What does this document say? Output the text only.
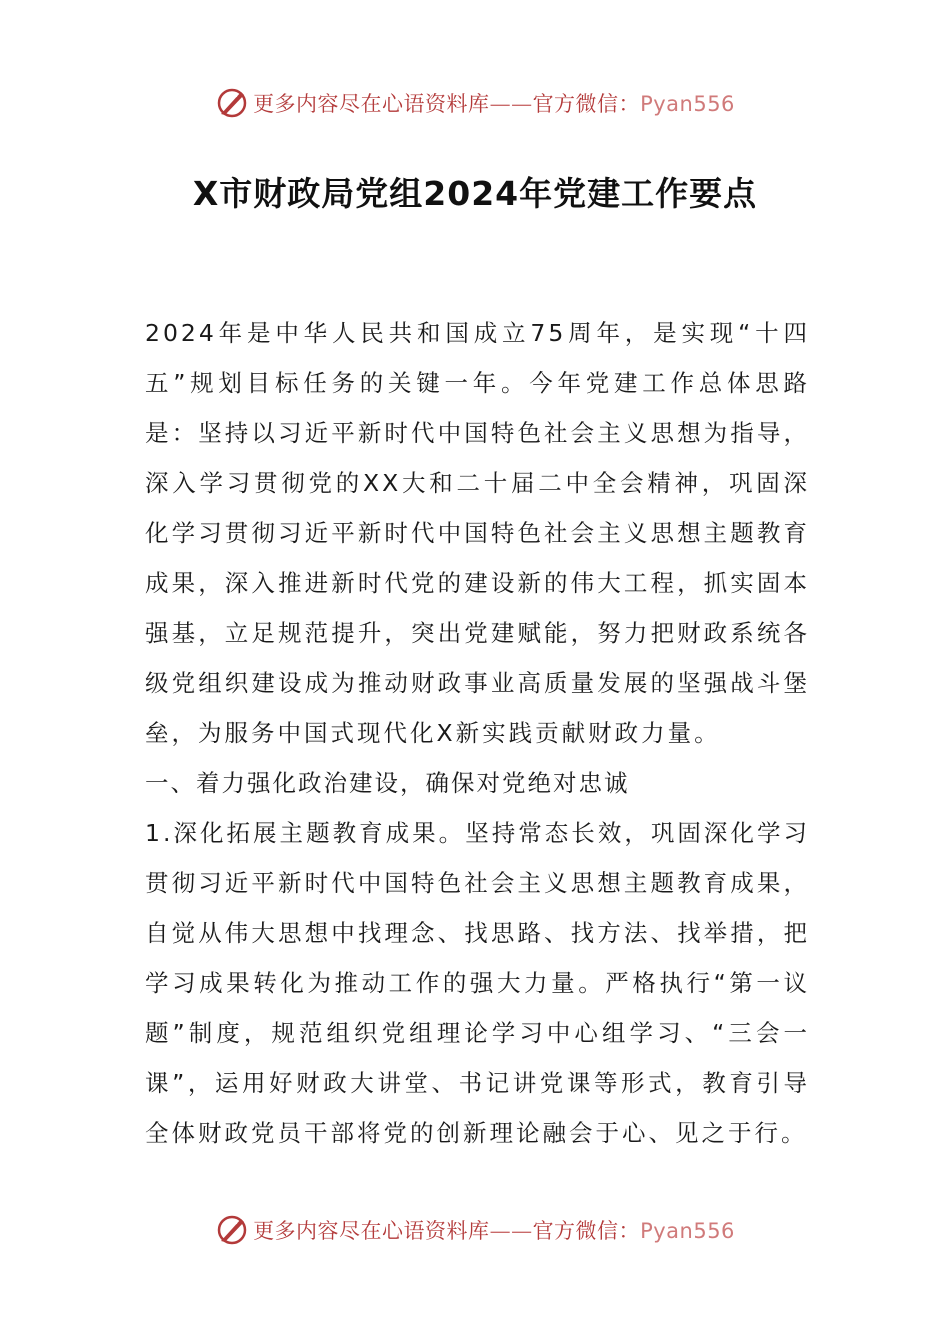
更多内容尽在心语资料库——官方微信：Pyan556
X市财政局党组2024年党建工作要点

2024年是中华人民共和国成立75周年，是实现“十四五”规划目标任务的关键一年。今年党建工作总体思路是：坚持以习近平新时代中国特色社会主义思想为指导，深入学习贯彻党的XX大和二十届二中全会精神，巩固深化学习贯彻习近平新时代中国特色社会主义思想主题教育成果，深入推进新时代党的建设新的伟大工程，抓实固本强基，立足规范提升，突出党建赋能，努力把财政系统各级党组织建设成为推动财政事业高质量发展的坚强战斗堡垒，为服务中国式现代化X新实践贡献财政力量。

一、着力强化政治建设，确保对党绝对忠诚

1.深化拓展主题教育成果。坚持常态长效，巩固深化学习贯彻习近平新时代中国特色社会主义思想主题教育成果，自觉从伟大思想中找理念、找思路、找方法、找举措，把学习成果转化为推动工作的强大力量。严格执行“第一议题”制度，规范组织党组理论学习中心组学习、“三会一课”，运用好财政大讲堂、书记讲党课等形式，教育引导全体财政党员干部将党的创新理论融会于心、见之于行。

更多内容尽在心语资料库——官方微信：Pyan556
